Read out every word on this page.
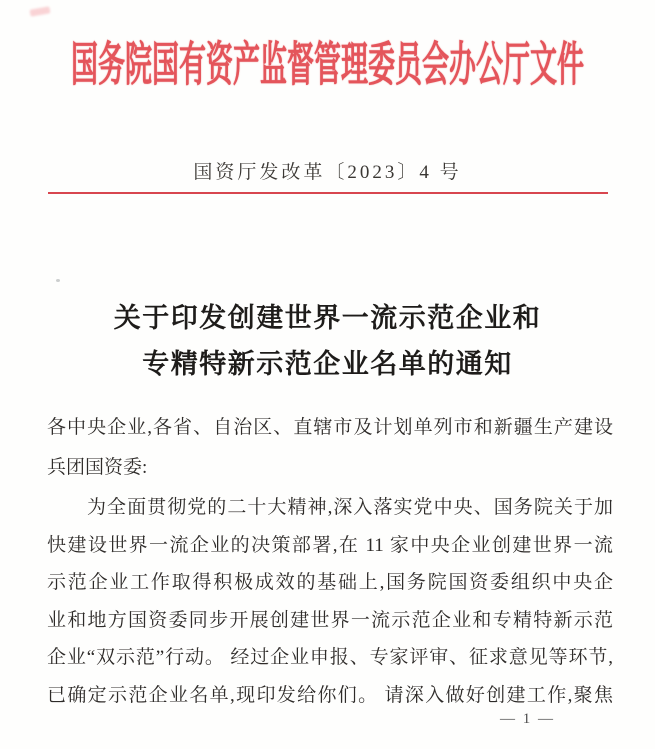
国务院国有资产监督管理委员会办公厅文件
国资厅发改革〔2023〕4 号
关于印发创建世界一流示范企业和
专精特新示范企业名单的通知
各中央企业,各省、自治区、直辖市及计划单列市和新疆生产建设
兵团国资委:
为全面贯彻党的二十大精神,深入落实党中央、国务院关于加
快建设世界一流企业的决策部署,在 11 家中央企业创建世界一流
示范企业工作取得积极成效的基础上,国务院国资委组织中央企
业和地方国资委同步开展创建世界一流示范企业和专精特新示范
企业“双示范”行动。 经过企业申报、专家评审、征求意见等环节,
已确定示范企业名单,现印发给你们。 请深入做好创建工作,聚焦
— 1 —
